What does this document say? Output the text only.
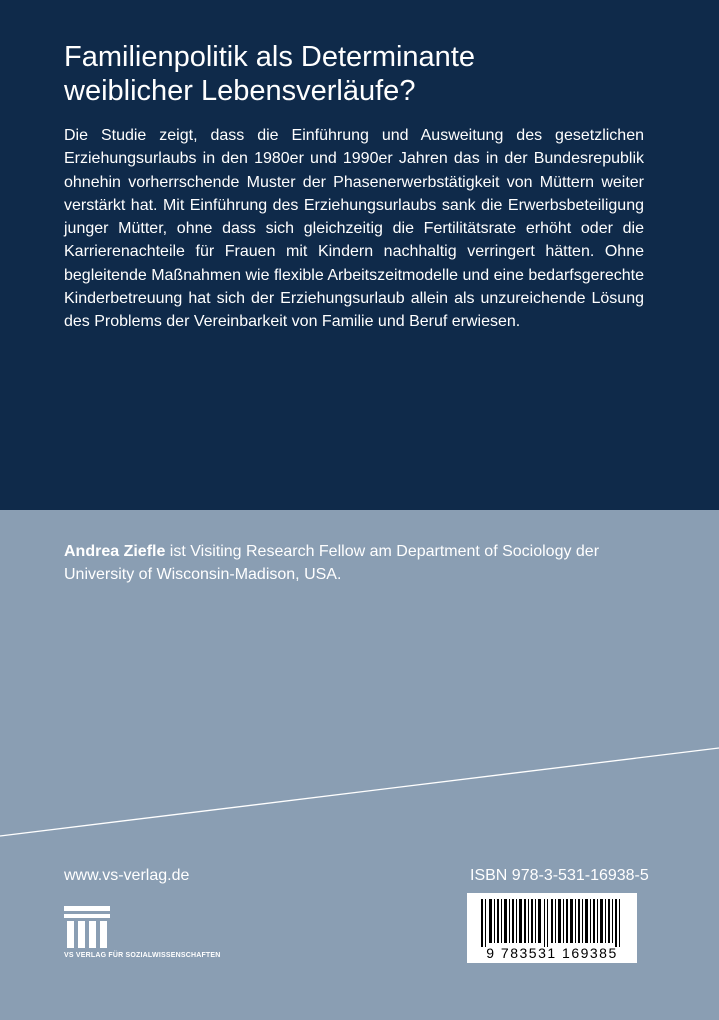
Familienpolitik als Determinante
weiblicher Lebensverläufe?

Die Studie zeigt, dass die Einführung und Ausweitung des gesetzlichen Erziehungsurlaubs in den 1980er und 1990er Jahren das in der Bundesrepublik ohnehin vorherrschende Muster der Phasenerwerbstätigkeit von Müttern weiter verstärkt hat. Mit Einführung des Erziehungsurlaubs sank die Erwerbsbeteiligung junger Mütter, ohne dass sich gleichzeitig die Fertilitätsrate erhöht oder die Karrierenachteile für Frauen mit Kindern nachhaltig verringert hätten. Ohne begleitende Maßnahmen wie flexible Arbeitszeitmodelle und eine bedarfsgerechte Kinderbetreuung hat sich der Erziehungsurlaub allein als unzureichende Lösung des Problems der Vereinbarkeit von Familie und Beruf erwiesen.

Andrea Ziefle ist Visiting Research Fellow am Department of Sociology der University of Wisconsin-Madison, USA.

www.vs-verlag.de	ISBN 978-3-531-16938-5
VS VERLAG FÜR SOZIALWISSENSCHAFTEN	9 783531 169385
